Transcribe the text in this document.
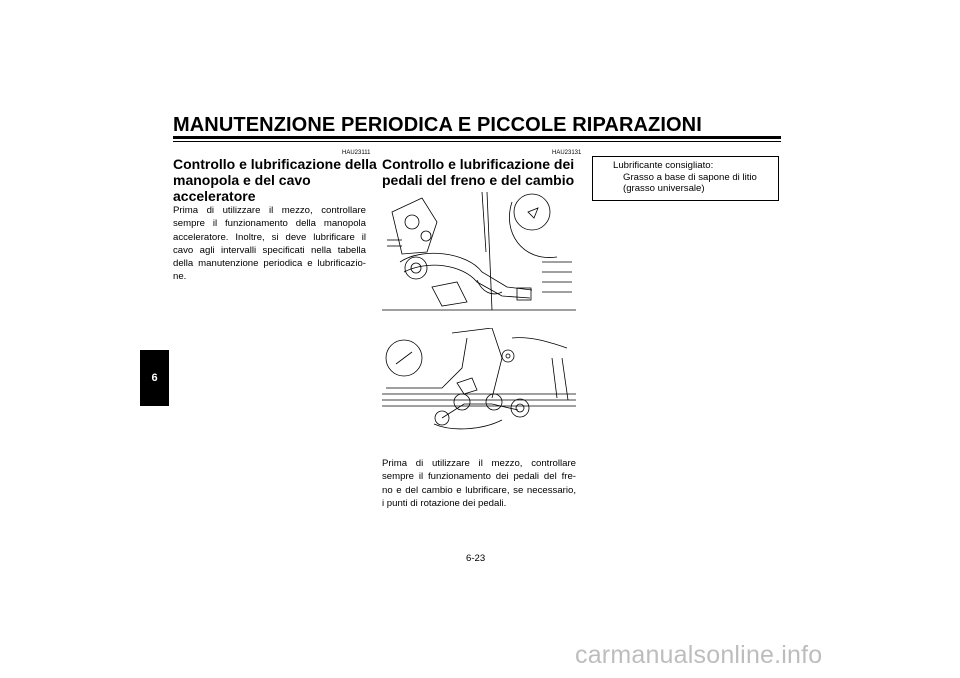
MANUTENZIONE PERIODICA E PICCOLE RIPARAZIONI
6
HAU23111
Controllo e lubrificazione della
manopola e del cavo
acceleratore
Prima di utilizzare il mezzo, controllare
sempre il funzionamento della manopola
acceleratore. Inoltre, si deve lubrificare il
cavo agli intervalli specificati nella tabella
della manutenzione periodica e lubrificazio-
ne.
HAU23131
Controllo e lubrificazione dei
pedali del freno e del cambio
Prima di utilizzare il mezzo, controllare
sempre il funzionamento dei pedali del fre-
no e del cambio e lubrificare, se necessario,
i punti di rotazione dei pedali.
Lubrificante consigliato:
Grasso a base di sapone di litio
(grasso universale)
6-23
carmanualsonline.info
